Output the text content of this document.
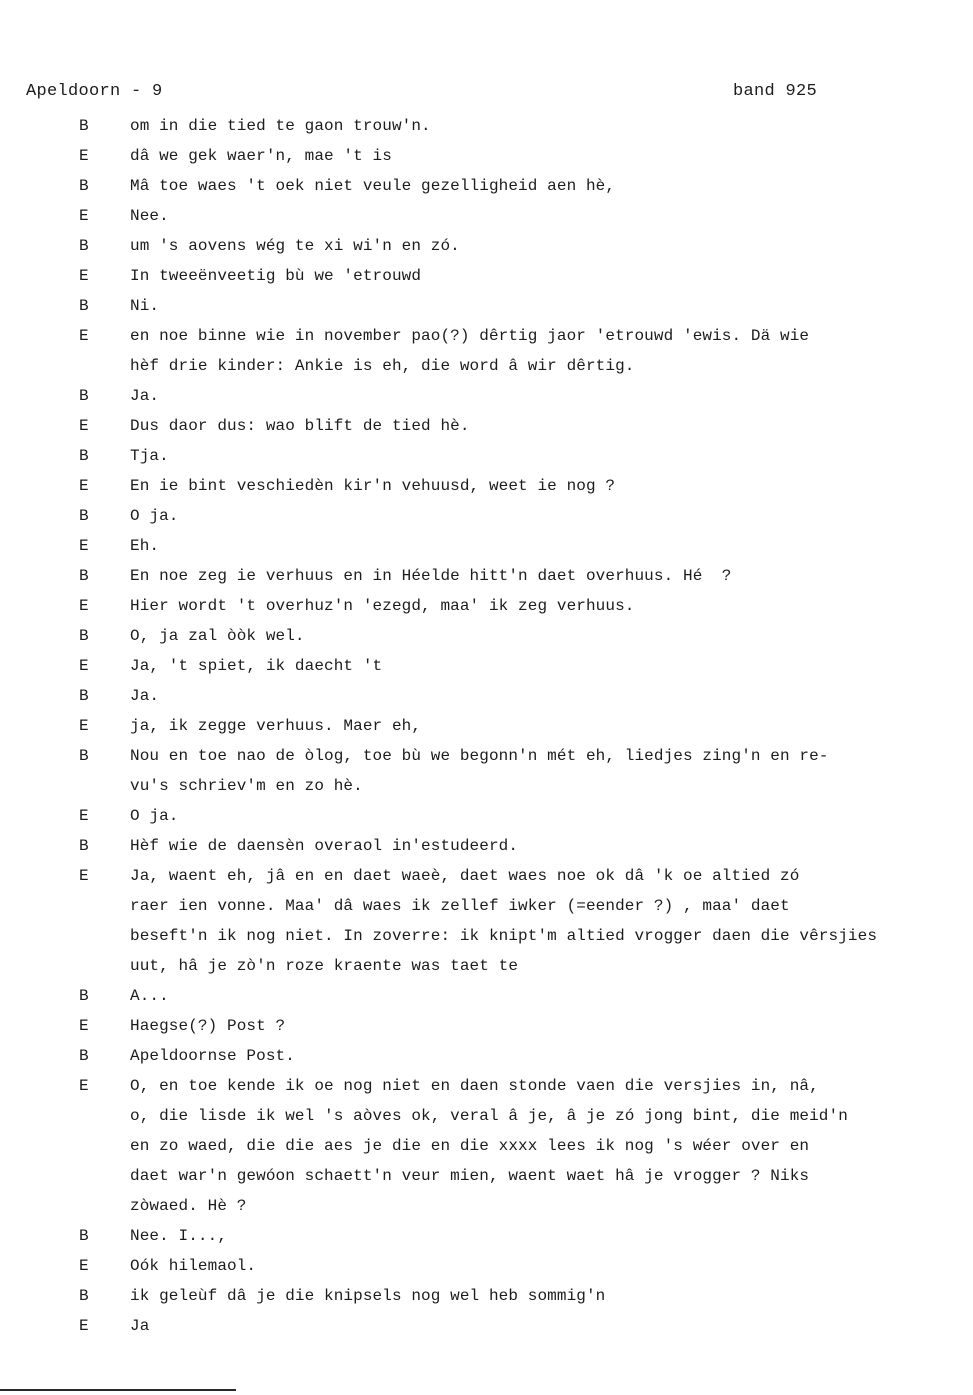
Apeldoorn - 9	band 925
B	om in die tied te gaon trouw'n.
E	dâ we gek waer'n, mae 't is
B	Mâ toe waes 't oek niet veule gezelligheid aen hè,
E	Nee.
B	um 's aovens wég te xi wi'n en zó.
E	In tweeënveetig bù we 'etrouwd
B	Ni.
E	en noe binne wie in november pao(?) dêrtig jaor 'etrouwd 'ewis. Dä wie
hèf drie kinder: Ankie is eh, die word â wir dêrtig.
B	Ja.
E	Dus daor dus: wao blift de tied hè.
B	Tja.
E	En ie bint veschiedèn kir'n vehuusd, weet ie nog ?
B	O ja.
E	Eh.
B	En noe zeg ie verhuus en in Héelde hitt'n daet overhuus. Hé  ?
E	Hier wordt 't overhuz'n 'ezegd, maa' ik zeg verhuus.
B	O, ja zal òòk wel.
E	Ja, 't spiet, ik daecht 't
B	Ja.
E	ja, ik zegge verhuus. Maer eh,
B	Nou en toe nao de òlog, toe bù we begonn'n mét eh, liedjes zing'n en re-
vu's schriev'm en zo hè.
E	O ja.
B	Hèf wie de daensèn overaol in'estudeerd.
E	Ja, waent eh, jâ en en daet waeè, daet waes noe ok dâ 'k oe altied zó
raer ien vonne. Maa' dâ waes ik zellef iwker (=eender ?) , maa' daet
beseft'n ik nog niet. In zoverre: ik knipt'm altied vrogger daen die vêrsjies
uut, hâ je zò'n roze kraente was taet te
B	A...
E	Haegse(?) Post ?
B	Apeldoornse Post.
E	O, en toe kende ik oe nog niet en daen stonde vaen die versjies in, nâ,
o, die lisde ik wel 's aòves ok, veral â je, â je zó jong bint, die meid'n
en zo waed, die die aes je die en die xxxx lees ik nog 's wéer over en
daet war'n gewóon schaett'n veur mien, waent waet hâ je vrogger ? Niks
zòwaed. Hè ?
B	Nee. I...,
E	Oók hilemaol.
B	ik geleùf dâ je die knipsels nog wel heb sommig'n
E	Ja
